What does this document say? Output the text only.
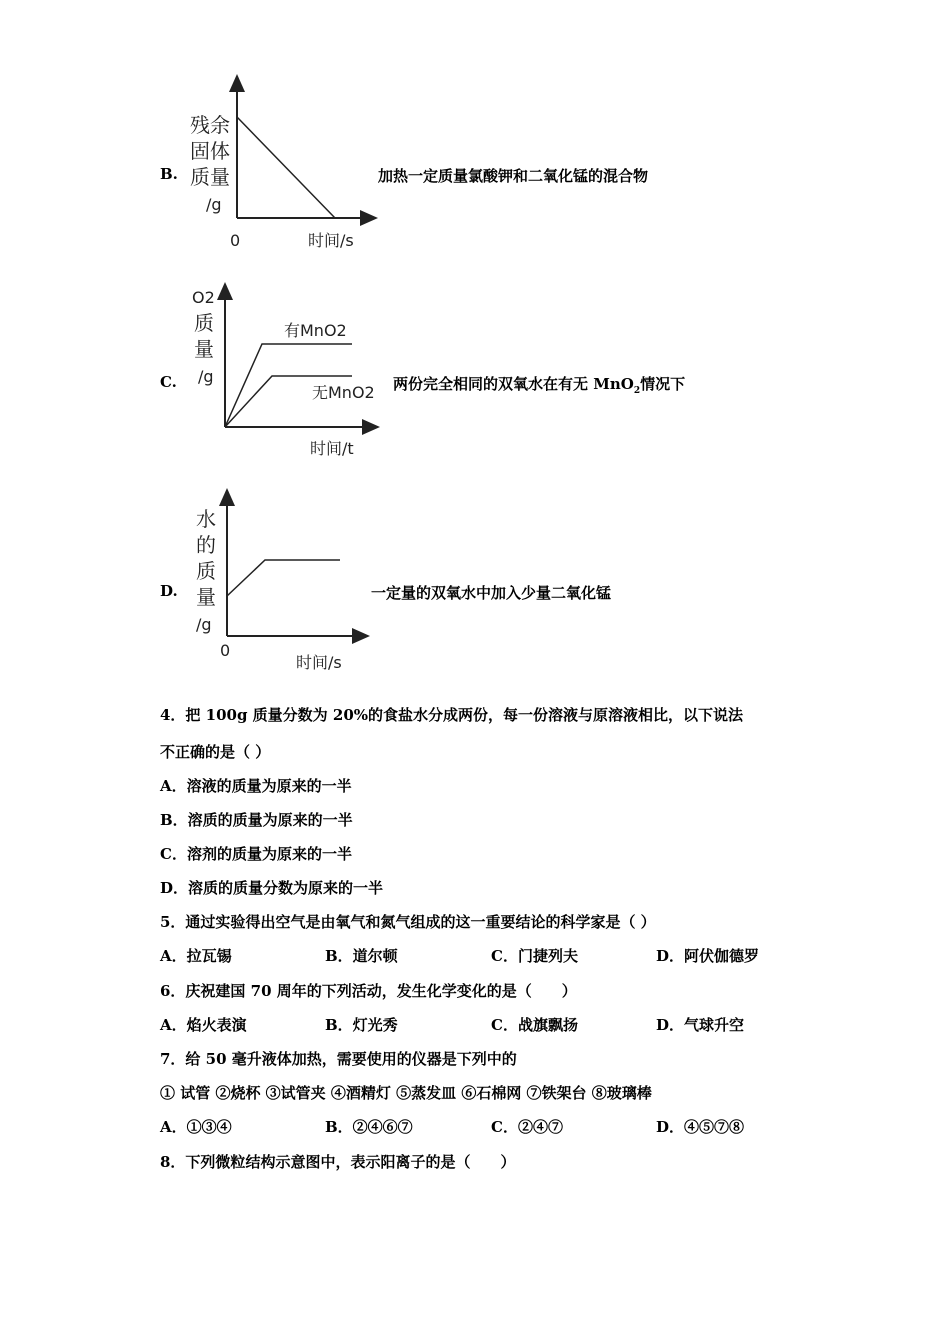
B.
残余
固体
质量
/g
0	时间/s
加热一定质量氯酸钾和二氧化锰的混合物
C.
O2
质
量
/g
有MnO2
无MnO2
时间/t
两份完全相同的双氧水在有无 MnO$_2$情况下
D.
水
的
质
量
/g
0
时间/s
一定量的双氧水中加入少量二氧化锰
4．把 100g 质量分数为 20%的食盐水分成两份，每一份溶液与原溶液相比，以下说法
不正确的是（ ）
A．溶液的质量为原来的一半
B．溶质的质量为原来的一半
C．溶剂的质量为原来的一半
D．溶质的质量分数为原来的一半
5．通过实验得出空气是由氧气和氮气组成的这一重要结论的科学家是（ ）
A．拉瓦锡	B．道尔顿	C．门捷列夫	D．阿伏伽德罗
6．庆祝建国 70 周年的下列活动，发生化学变化的是（　　）
A．焰火表演	B．灯光秀	C．战旗飘扬	D．气球升空
7．给 50 毫升液体加热，需要使用的仪器是下列中的
① 试管 ②烧杯 ③试管夹 ④酒精灯 ⑤蒸发皿 ⑥石棉网 ⑦铁架台 ⑧玻璃棒
A．①③④	B．②④⑥⑦	C．②④⑦	D．④⑤⑦⑧
8．下列微粒结构示意图中，表示阳离子的是（　　）
